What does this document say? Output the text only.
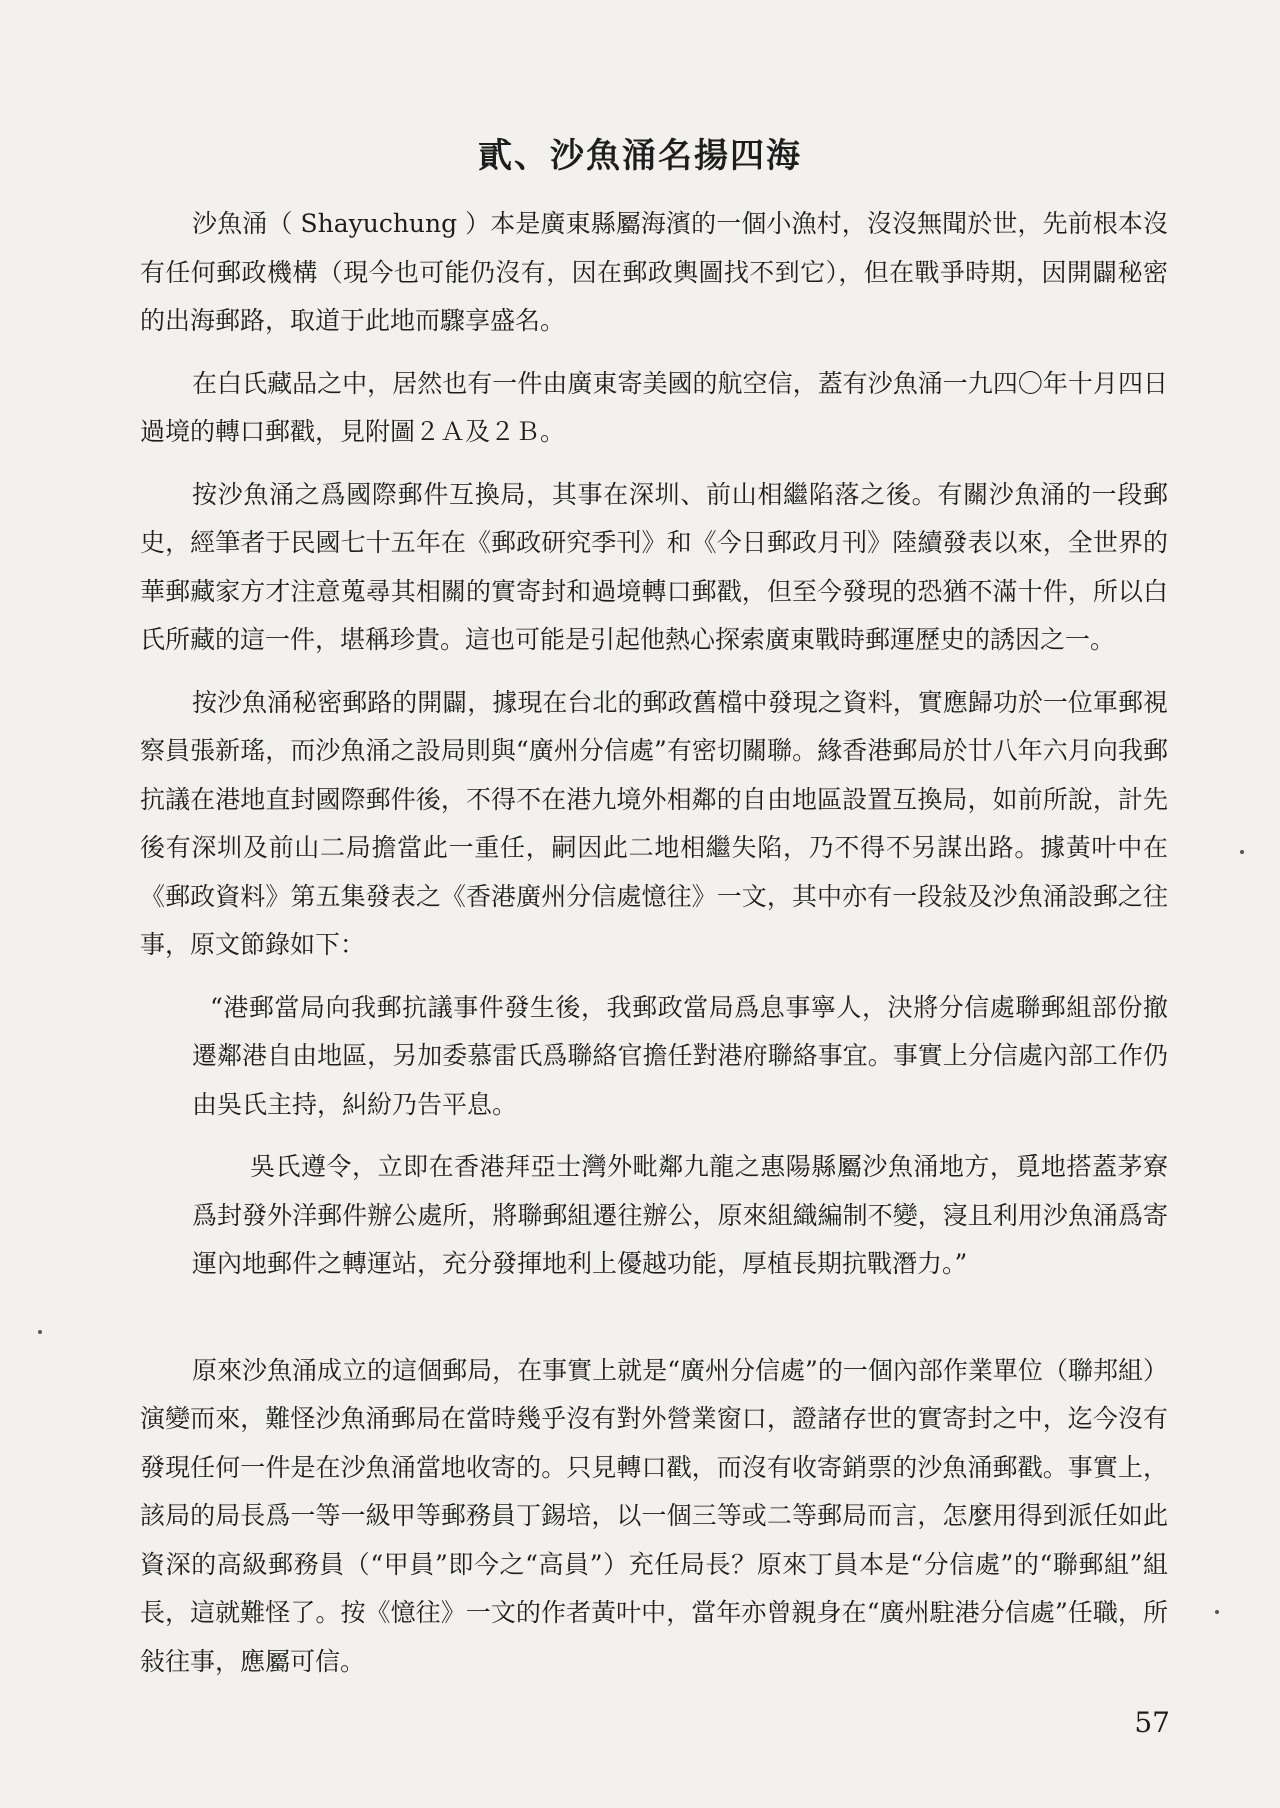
貳、沙魚涌名揚四海

沙魚涌（ Shayuchung ）本是廣東縣屬海濱的一個小漁村，沒沒無聞於世，先前根本沒有任何郵政機構（現今也可能仍沒有，因在郵政輿圖找不到它），但在戰爭時期，因開闢秘密的出海郵路，取道于此地而驟享盛名。

在白氏藏品之中，居然也有一件由廣東寄美國的航空信，蓋有沙魚涌一九四〇年十月四日過境的轉口郵戳，見附圖２Ａ及２Ｂ。

按沙魚涌之爲國際郵件互換局，其事在深圳、前山相繼陷落之後。有關沙魚涌的一段郵史，經筆者于民國七十五年在《郵政研究季刊》和《今日郵政月刊》陸續發表以來，全世界的華郵藏家方才注意蒐尋其相關的實寄封和過境轉口郵戳，但至今發現的恐猶不滿十件，所以白氏所藏的這一件，堪稱珍貴。這也可能是引起他熱心探索廣東戰時郵運歷史的誘因之一。

按沙魚涌秘密郵路的開闢，據現在台北的郵政舊檔中發現之資料，實應歸功於一位軍郵視察員張新瑤，而沙魚涌之設局則與“廣州分信處”有密切關聯。緣香港郵局於廿八年六月向我郵抗議在港地直封國際郵件後，不得不在港九境外相鄰的自由地區設置互換局，如前所說，計先後有深圳及前山二局擔當此一重任，嗣因此二地相繼失陷，乃不得不另謀出路。據黃叶中在《郵政資料》第五集發表之《香港廣州分信處憶往》一文，其中亦有一段敍及沙魚涌設郵之往事，原文節錄如下：

“港郵當局向我郵抗議事件發生後，我郵政當局爲息事寧人，決將分信處聯郵組部份撤遷鄰港自由地區，另加委慕雷氏爲聯絡官擔任對港府聯絡事宜。事實上分信處內部工作仍由吳氏主持，糾紛乃告平息。

吳氏遵令，立即在香港拜亞士灣外毗鄰九龍之惠陽縣屬沙魚涌地方，覓地搭蓋茅寮爲封發外洋郵件辦公處所，將聯郵組遷往辦公，原來組織編制不變，寖且利用沙魚涌爲寄運內地郵件之轉運站，充分發揮地利上優越功能，厚植長期抗戰潛力。”

原來沙魚涌成立的這個郵局，在事實上就是“廣州分信處”的一個內部作業單位（聯邦組）演變而來，難怪沙魚涌郵局在當時幾乎沒有對外營業窗口，證諸存世的實寄封之中，迄今沒有發現任何一件是在沙魚涌當地收寄的。只見轉口戳，而沒有收寄銷票的沙魚涌郵戳。事實上，該局的局長爲一等一級甲等郵務員丁錫培，以一個三等或二等郵局而言，怎麼用得到派任如此資深的高級郵務員（“甲員”即今之“高員”）充任局長？原來丁員本是“分信處”的“聯郵組”組長，這就難怪了。按《憶往》一文的作者黃叶中，當年亦曾親身在“廣州駐港分信處”任職，所敍往事，應屬可信。

57
